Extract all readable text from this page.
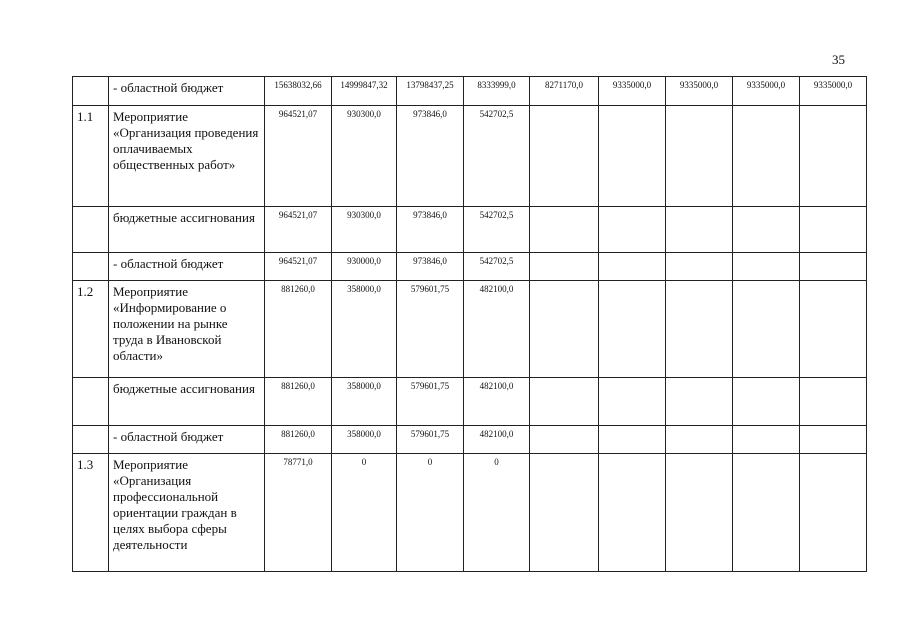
35
	- областной бюджет	15638032,66	14999847,32	13798437,25	8333999,0	8271170,0	9335000,0	9335000,0	9335000,0	9335000,0
1.1	Мероприятие «Организация проведения оплачиваемых общественных работ»	964521,07	930300,0	973846,0	542702,5					
	бюджетные ассигнования	964521,07	930300,0	973846,0	542702,5					
	- областной бюджет	964521,07	930000,0	973846,0	542702,5					
1.2	Мероприятие «Информирование о положении на рынке труда в Ивановской области»	881260,0	358000,0	579601,75	482100,0					
	бюджетные ассигнования	881260,0	358000,0	579601,75	482100,0					
	- областной бюджет	881260,0	358000,0	579601,75	482100,0					
1.3	Мероприятие «Организация профессиональной ориентации граждан в целях выбора сферы деятельности	78771,0	0	0	0					
